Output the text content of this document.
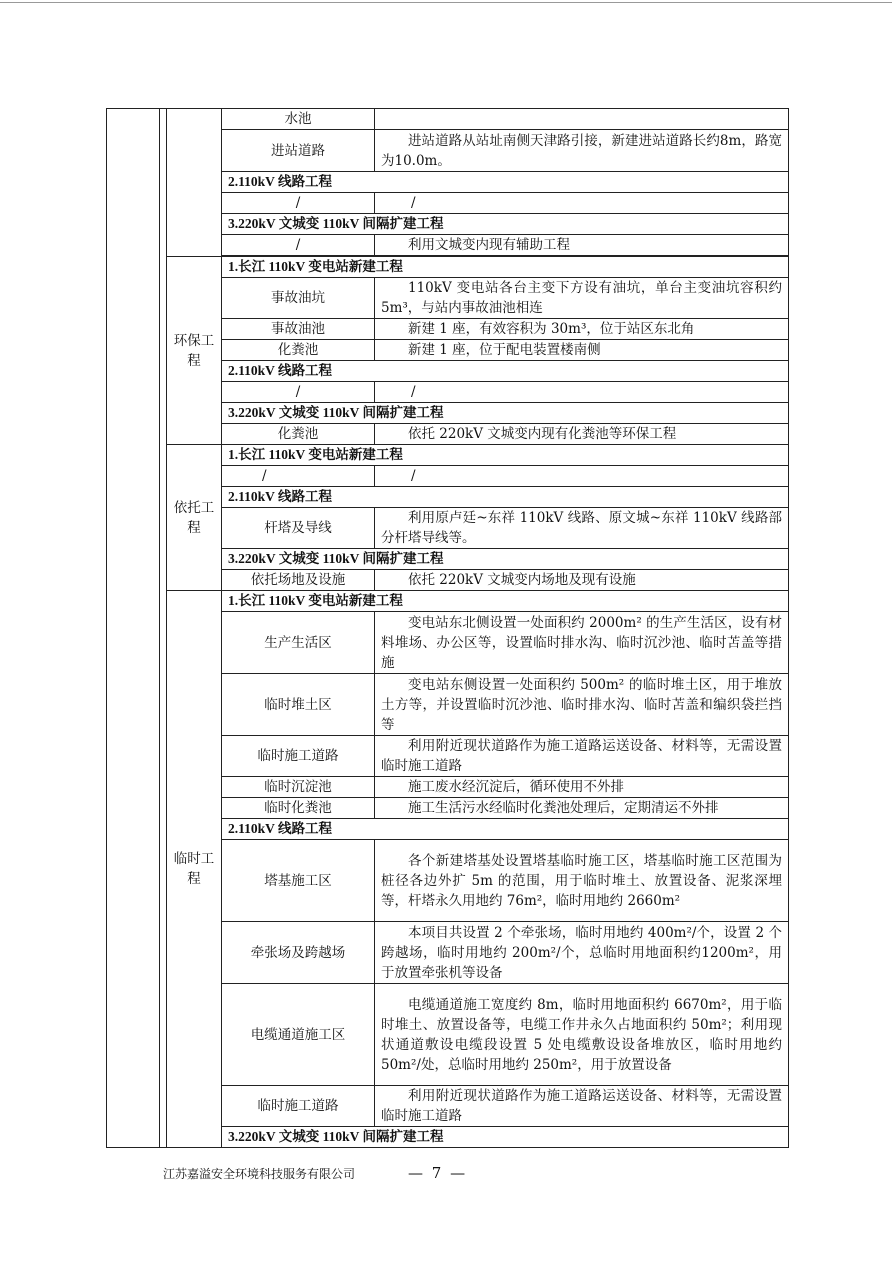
			水池	
			进站道路	进站道路从站址南侧天津路引接，新建进站道路长约8m，路宽为10.0m。
			2.110kV 线路工程	
			/	/
			3.220kV 文城变 110kV 间隔扩建工程	
			/	利用文城变内现有辅助工程

		环保工程	1.长江 110kV 变电站新建工程	
			事故油坑	110kV 变电站各台主变下方设有油坑，单台主变油坑容积约 5m³，与站内事故油池相连
			事故油池	新建 1 座，有效容积为 30m³，位于站区东北角
			化粪池	新建 1 座，位于配电装置楼南侧
			2.110kV 线路工程	
			/	/
			3.220kV 文城变 110kV 间隔扩建工程	
			化粪池	依托 220kV 文城变内现有化粪池等环保工程
		依托工程	1.长江 110kV 变电站新建工程	
			/	/
			2.110kV 线路工程	
			杆塔及导线	利用原卢廷~东祥 110kV 线路、原文城~东祥 110kV 线路部分杆塔导线等。
			3.220kV 文城变 110kV 间隔扩建工程	
			依托场地及设施	依托 220kV 文城变内场地及现有设施
		临时工程	1.长江 110kV 变电站新建工程	
			生产生活区	变电站东北侧设置一处面积约 2000m² 的生产生活区，设有材料堆场、办公区等，设置临时排水沟、临时沉沙池、临时苫盖等措施
			临时堆土区	变电站东侧设置一处面积约 500m² 的临时堆土区，用于堆放土方等，并设置临时沉沙池、临时排水沟、临时苫盖和编织袋拦挡等
			临时施工道路	利用附近现状道路作为施工道路运送设备、材料等，无需设置临时施工道路
			临时沉淀池	施工废水经沉淀后，循环使用不外排
			临时化粪池	施工生活污水经临时化粪池处理后，定期清运不外排
			2.110kV 线路工程	
			塔基施工区	各个新建塔基处设置塔基临时施工区，塔基临时施工区范围为桩径各边外扩 5m 的范围，用于临时堆土、放置设备、泥浆深埋等，杆塔永久用地约 76m²，临时用地约 2660m²
			牵张场及跨越场	本项目共设置 2 个牵张场，临时用地约 400m²/个，设置 2 个跨越场，临时用地约 200m²/个，总临时用地面积约1200m²，用于放置牵张机等设备
			电缆通道施工区	电缆通道施工宽度约 8m，临时用地面积约 6670m²，用于临时堆土、放置设备等，电缆工作井永久占地面积约 50m²；利用现状通道敷设电缆段设置 5 处电缆敷设设备堆放区，临时用地约 50m²/处，总临时用地约 250m²，用于放置设备
			临时施工道路	利用附近现状道路作为施工道路运送设备、材料等，无需设置临时施工道路
			3.220kV 文城变 110kV 间隔扩建工程	
江苏嘉溢安全环境科技服务有限公司	— 7 —
